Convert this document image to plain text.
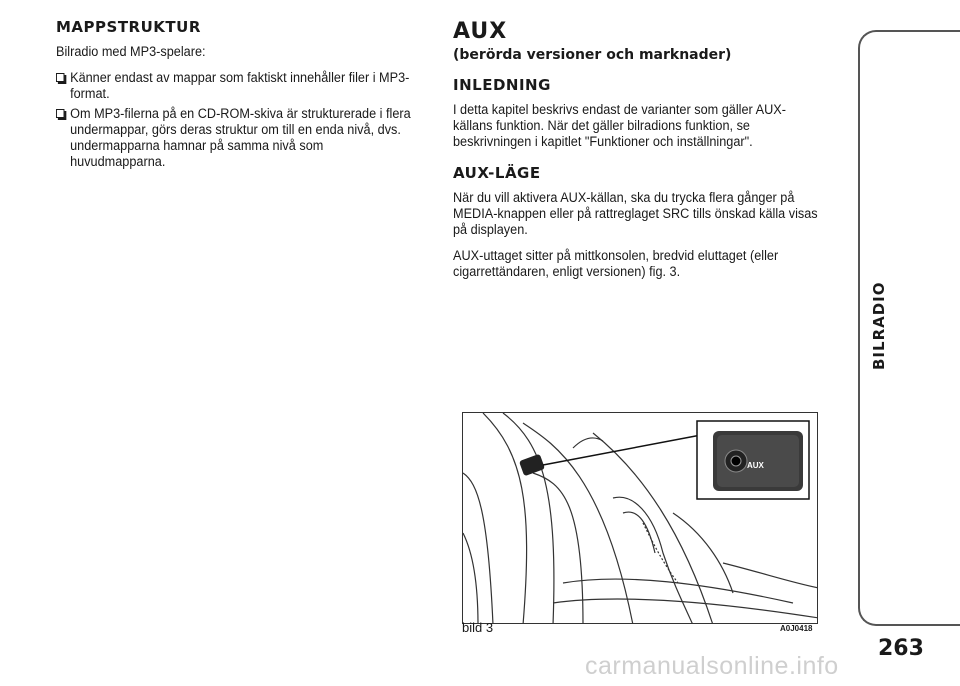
MAPPSTRUKTUR

Bilradio med MP3-spelare:

Känner endast av mappar som faktiskt innehåller filer i MP3-format.
Om MP3-filerna på en CD-ROM-skiva är strukturerade i flera undermappar, görs deras struktur om till en enda nivå, dvs. undermapparna hamnar på samma nivå som huvudmapparna.
AUX
(berörda versioner och marknader)
INLEDNING

I detta kapitel beskrivs endast de varianter som gäller AUX-källans funktion. När det gäller bilradions funktion, se beskrivningen i kapitlet "Funktioner och inställningar".

AUX-LÄGE

När du vill aktivera AUX-källan, ska du trycka flera gånger på MEDIA-knappen eller på rattreglaget SRC tills önskad källa visas på displayen.

AUX-uttaget sitter på mittkonsolen, bredvid eluttaget (eller cigarrettändaren, enligt versionen) fig. 3.

AUX
bild 3	A0J0418
BILRADIO
263
carmanualsonline.info
